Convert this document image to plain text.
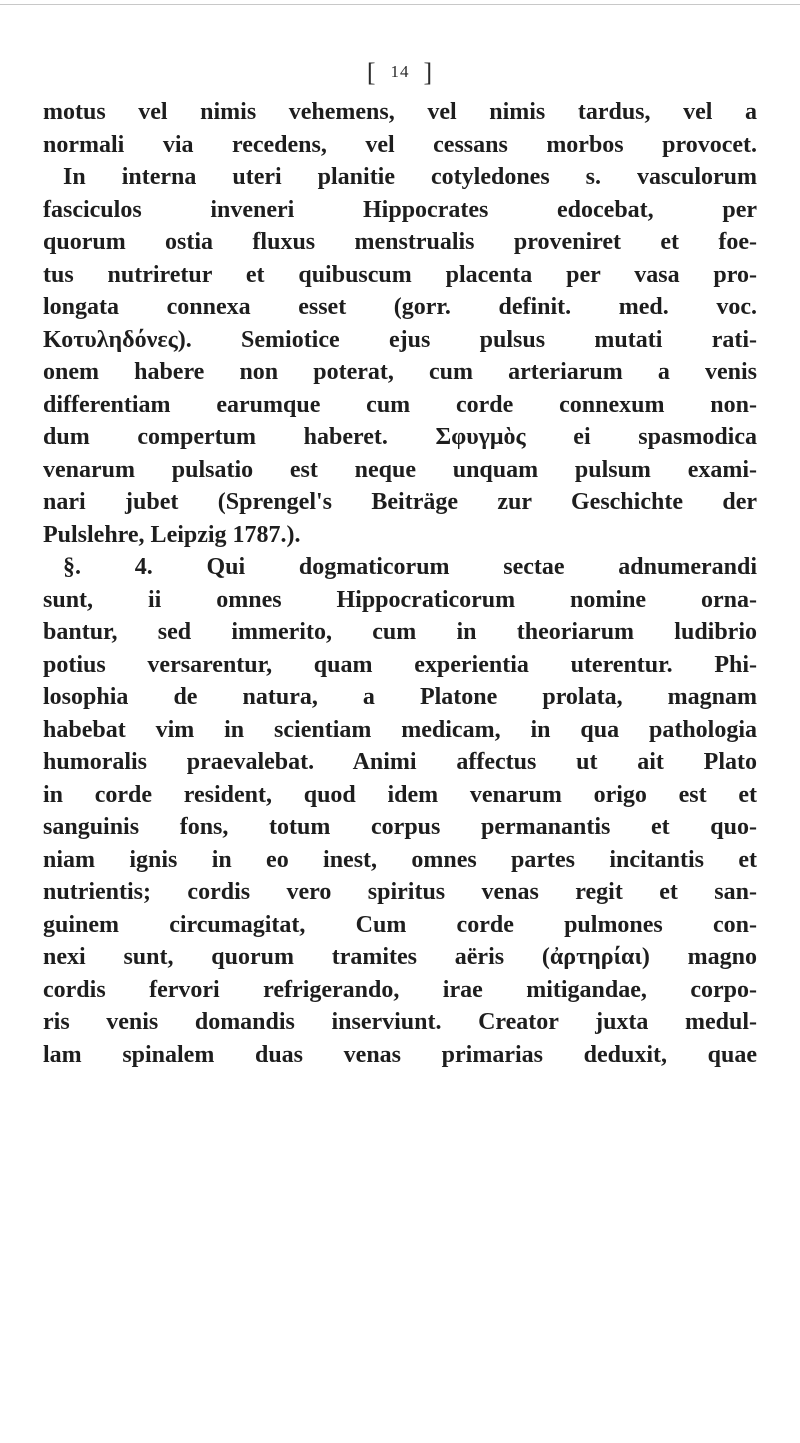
[ 14 ]
motus vel nimis vehemens, vel nimis tardus, vel a
normali via recedens, vel cessans morbos provocet.
In interna uteri planitie cotyledones s. vasculorum
fasciculos inveneri Hippocrates edocebat, per
quorum ostia fluxus menstrualis proveniret et foe-
tus nutriretur et quibuscum placenta per vasa pro-
longata connexa esset (gorr. definit. med. voc.
Κοτυληδόνες). Semiotice ejus pulsus mutati rati-
onem habere non poterat, cum arteriarum a venis
differentiam earumque cum corde connexum non-
dum compertum haberet. Σφυγμὸς ei spasmodica
venarum pulsatio est neque unquam pulsum exami-
nari jubet (Sprengel's Beiträge zur Geschichte der
Pulslehre, Leipzig 1787.).
§. 4. Qui dogmaticorum sectae adnumerandi
sunt, ii omnes Hippocraticorum nomine orna-
bantur, sed immerito, cum in theoriarum ludibrio
potius versarentur, quam experientia uterentur. Phi-
losophia de natura, a Platone prolata, magnam
habebat vim in scientiam medicam, in qua pathologia
humoralis praevalebat. Animi affectus ut ait Plato
in corde resident, quod idem venarum origo est et
sanguinis fons, totum corpus permanantis et quo-
niam ignis in eo inest, omnes partes incitantis et
nutrientis; cordis vero spiritus venas regit et san-
guinem circumagitat, Cum corde pulmones con-
nexi sunt, quorum tramites aëris (ἀρτηρίαι) magno
cordis fervori refrigerando, irae mitigandae, corpo-
ris venis domandis inserviunt. Creator juxta medul-
lam spinalem duas venas primarias deduxit, quae
